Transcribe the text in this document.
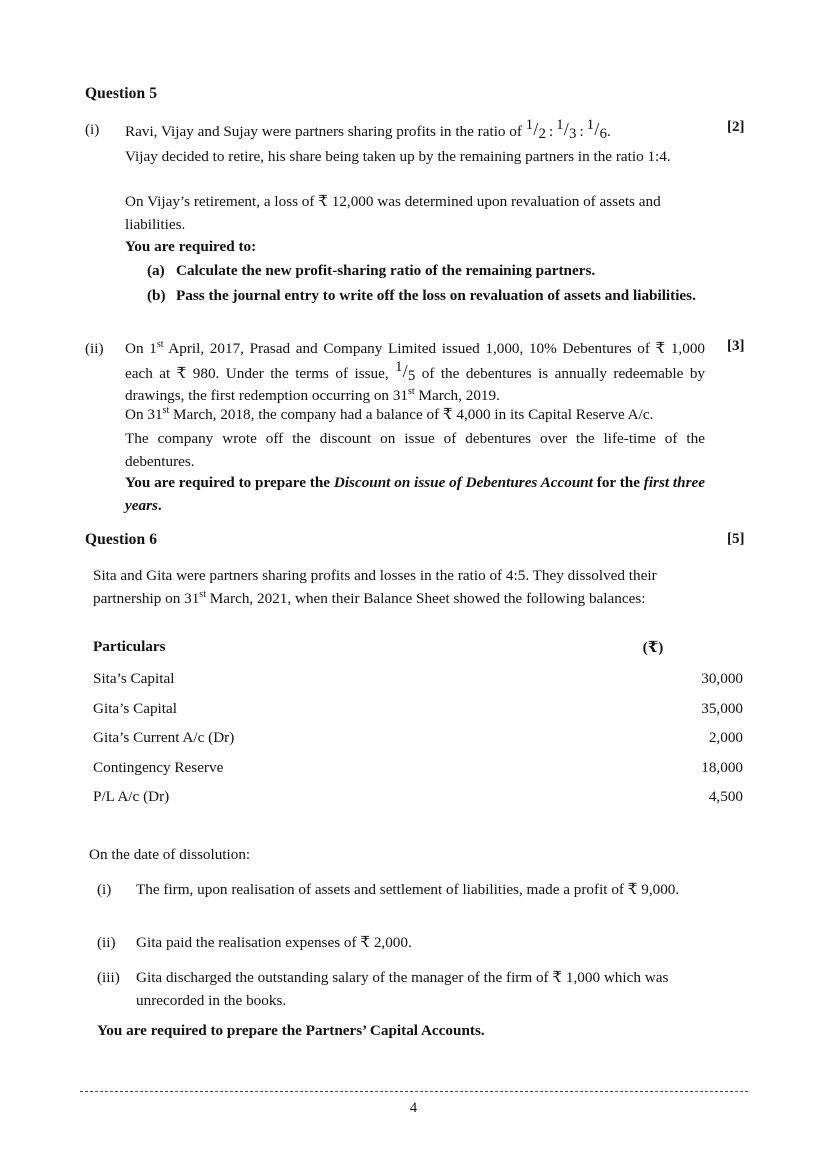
Question 5
(i)	[2]
Ravi, Vijay and Sujay were partners sharing profits in the ratio of 1/2 : 1/3 : 1/6.
Vijay decided to retire, his share being taken up by the remaining partners in the ratio 1:4.
On Vijay’s retirement, a loss of ₹ 12,000 was determined upon revaluation of assets and liabilities.
You are required to:
(a) Calculate the new profit-sharing ratio of the remaining partners.
(b) Pass the journal entry to write off the loss on revaluation of assets and liabilities.
(ii)	[3]
On 1st April, 2017, Prasad and Company Limited issued 1,000, 10% Debentures of ₹ 1,000 each at ₹ 980. Under the terms of issue, 1/5 of the debentures is annually redeemable by drawings, the first redemption occurring on 31st March, 2019.
On 31st March, 2018, the company had a balance of ₹ 4,000 in its Capital Reserve A/c.
The company wrote off the discount on issue of debentures over the life-time of the debentures.
You are required to prepare the Discount on issue of Debentures Account for the first three years.
Question 6	[5]
Sita and Gita were partners sharing profits and losses in the ratio of 4:5. They dissolved their partnership on 31st March, 2021, when their Balance Sheet showed the following balances:
Particulars	(₹)
Sita’s Capital	30,000
Gita’s Capital	35,000
Gita’s Current A/c (Dr)	2,000
Contingency Reserve	18,000
P/L A/c (Dr)	4,500
On the date of dissolution:
(i) The firm, upon realisation of assets and settlement of liabilities, made a profit of ₹ 9,000.
(ii) Gita paid the realisation expenses of ₹ 2,000.
(iii) Gita discharged the outstanding salary of the manager of the firm of ₹ 1,000 which was unrecorded in the books.
You are required to prepare the Partners’ Capital Accounts.
4
